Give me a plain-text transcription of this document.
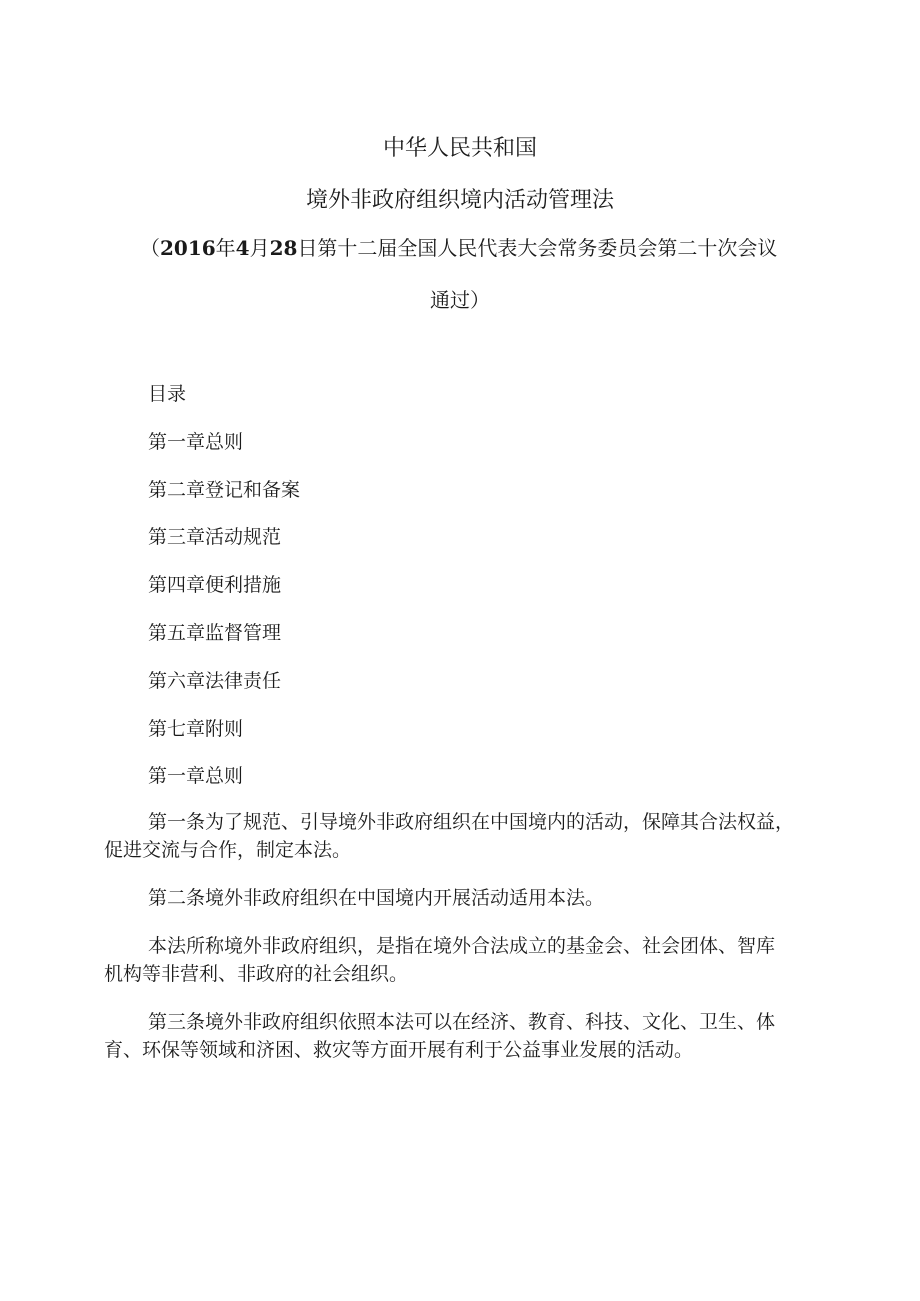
中华人民共和国
境外非政府组织境内活动管理法
（2016年4月28日第十二届全国人民代表大会常务委员会第二十次会议
通过）
目录
第一章总则
第二章登记和备案
第三章活动规范
第四章便利措施
第五章监督管理
第六章法律责任
第七章附则
第一章总则

第一条为了规范、引导境外非政府组织在中国境内的活动，保障其合法权益，
促进交流与合作，制定本法。

第二条境外非政府组织在中国境内开展活动适用本法。

本法所称境外非政府组织，是指在境外合法成立的基金会、社会团体、智库
机构等非营利、非政府的社会组织。

第三条境外非政府组织依照本法可以在经济、教育、科技、文化、卫生、体
育、环保等领域和济困、救灾等方面开展有利于公益事业发展的活动。
